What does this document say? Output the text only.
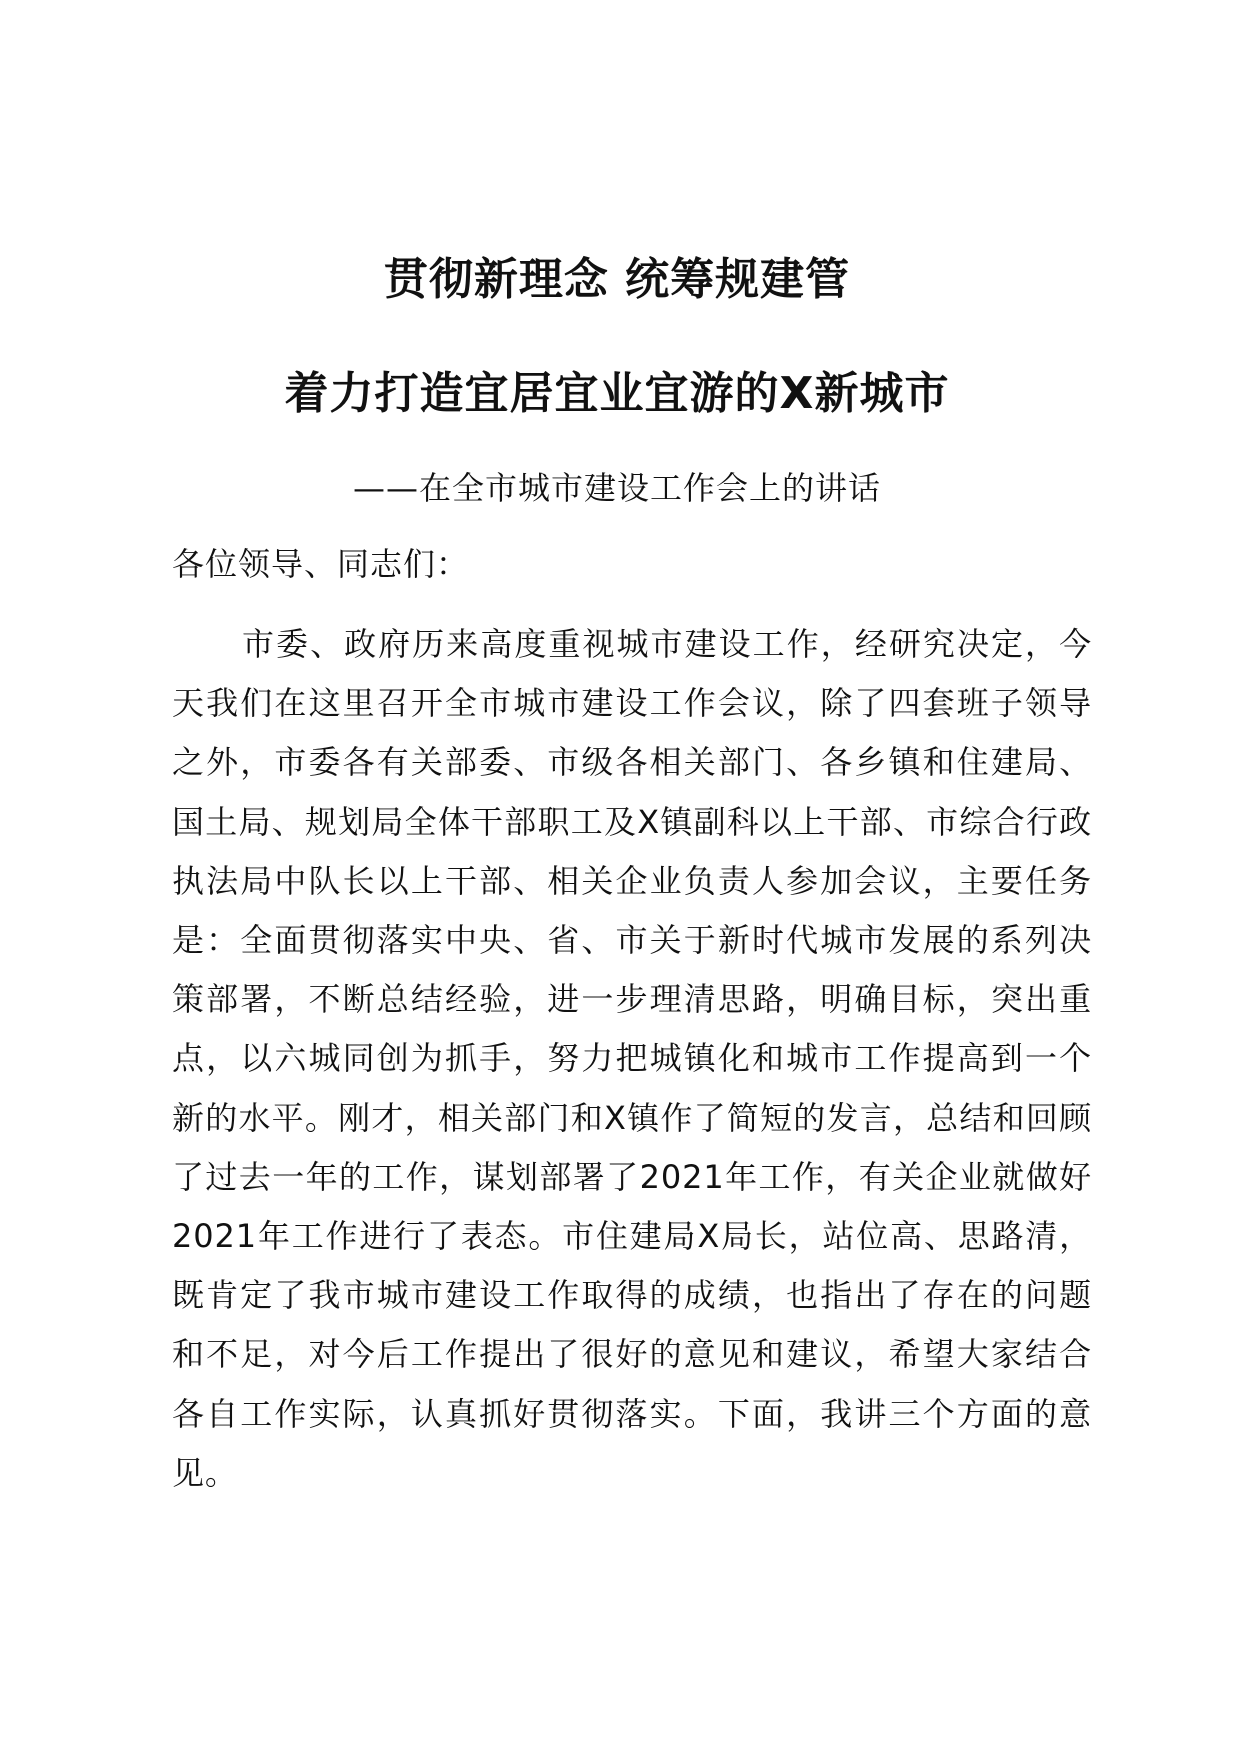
贯彻新理念 统筹规建管
着力打造宜居宜业宜游的X新城市
——在全市城市建设工作会上的讲话
各位领导、同志们：

市委、政府历来高度重视城市建设工作，经研究决定，今天我们在这里召开全市城市建设工作会议，除了四套班子领导之外，市委各有关部委、市级各相关部门、各乡镇和住建局、国土局、规划局全体干部职工及X镇副科以上干部、市综合行政执法局中队长以上干部、相关企业负责人参加会议，主要任务是：全面贯彻落实中央、省、市关于新时代城市发展的系列决策部署，不断总结经验，进一步理清思路，明确目标，突出重点，以六城同创为抓手，努力把城镇化和城市工作提高到一个新的水平。刚才，相关部门和X镇作了简短的发言，总结和回顾了过去一年的工作，谋划部署了2021年工作，有关企业就做好2021年工作进行了表态。市住建局X局长，站位高、思路清，既肯定了我市城市建设工作取得的成绩，也指出了存在的问题和不足，对今后工作提出了很好的意见和建议，希望大家结合各自工作实际，认真抓好贯彻落实。下面，我讲三个方面的意见。
